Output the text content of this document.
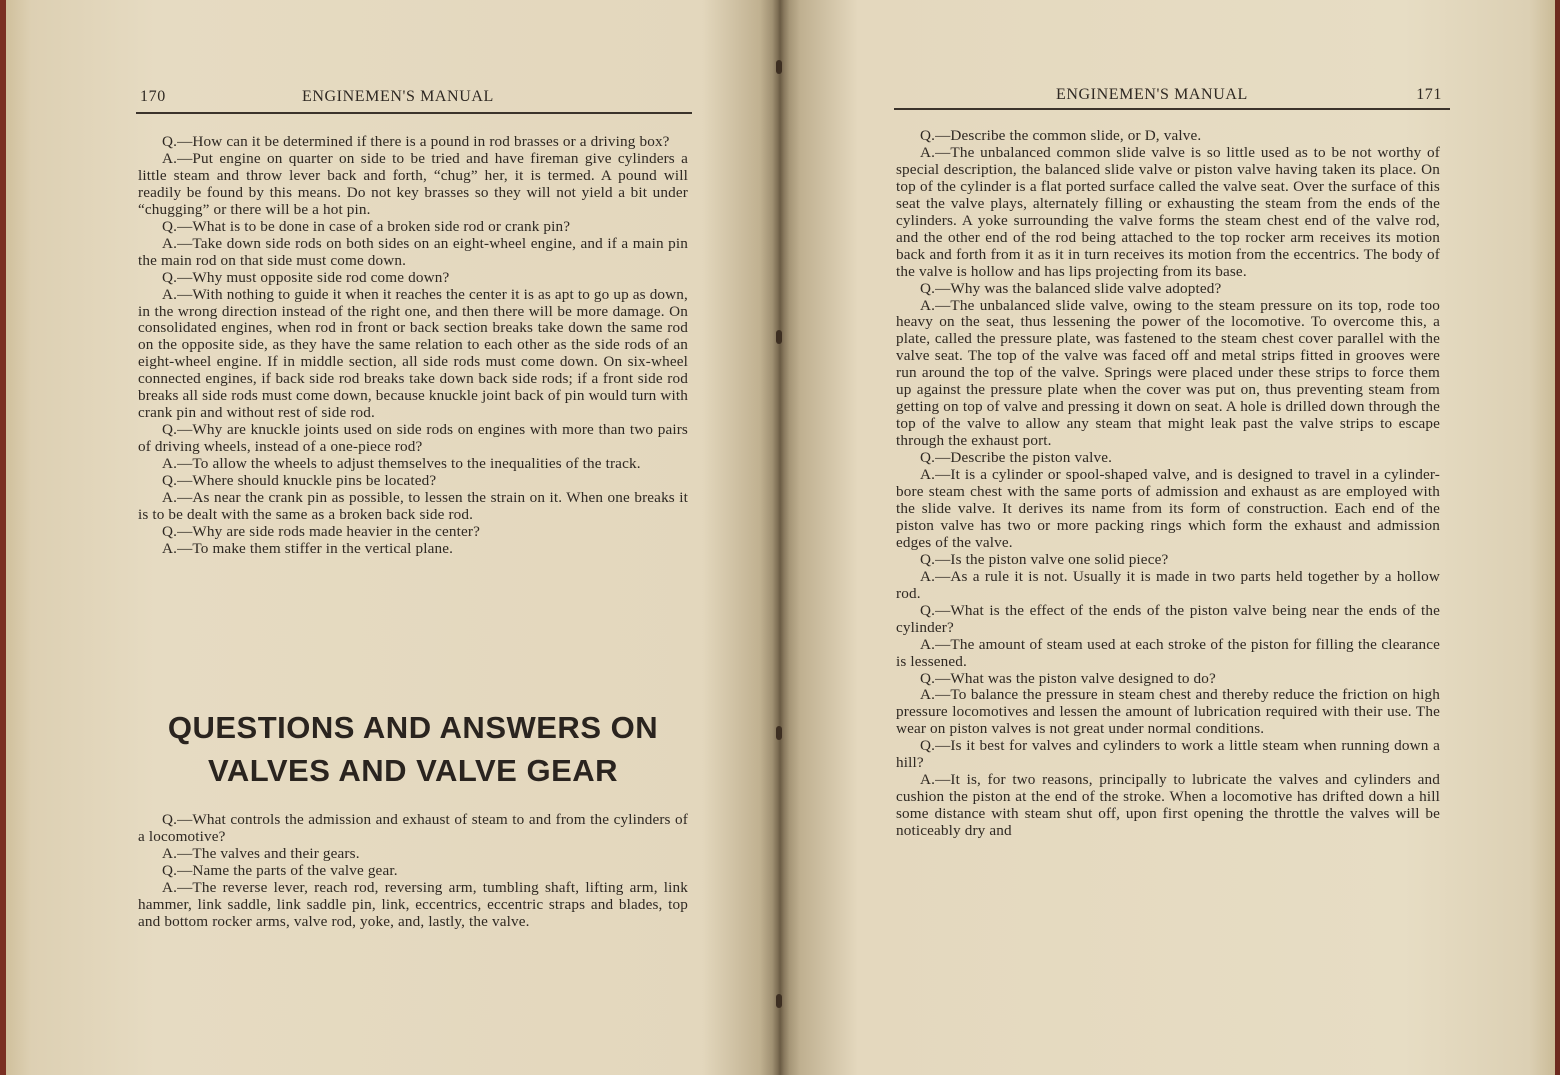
170	ENGINEMEN'S MANUAL

Q.—How can it be determined if there is a pound in rod brasses or a driving box?

A.—Put engine on quarter on side to be tried and have fireman give cylinders a little steam and throw lever back and forth, “chug” her, it is termed. A pound will readily be found by this means. Do not key brasses so they will not yield a bit under “chugging” or there will be a hot pin.

Q.—What is to be done in case of a broken side rod or crank pin?

A.—Take down side rods on both sides on an eight-wheel engine, and if a main pin the main rod on that side must come down.

Q.—Why must opposite side rod come down?

A.—With nothing to guide it when it reaches the center it is as apt to go up as down, in the wrong direction instead of the right one, and then there will be more damage. On consolidated engines, when rod in front or back section breaks take down the same rod on the opposite side, as they have the same relation to each other as the side rods of an eight-wheel engine. If in middle section, all side rods must come down. On six-wheel connected engines, if back side rod breaks take down back side rods; if a front side rod breaks all side rods must come down, because knuckle joint back of pin would turn with crank pin and without rest of side rod.

Q.—Why are knuckle joints used on side rods on engines with more than two pairs of driving wheels, instead of a one-piece rod?

A.—To allow the wheels to adjust themselves to the inequalities of the track.

Q.—Where should knuckle pins be located?

A.—As near the crank pin as possible, to lessen the strain on it. When one breaks it is to be dealt with the same as a broken back side rod.

Q.—Why are side rods made heavier in the center?

A.—To make them stiffer in the vertical plane.

QUESTIONS AND ANSWERS ON
VALVES AND VALVE GEAR

Q.—What controls the admission and exhaust of steam to and from the cylinders of a locomotive?

A.—The valves and their gears.

Q.—Name the parts of the valve gear.

A.—The reverse lever, reach rod, reversing arm, tumbling shaft, lifting arm, link hammer, link saddle, link saddle pin, link, eccentrics, eccentric straps and blades, top and bottom rocker arms, valve rod, yoke, and, lastly, the valve.

ENGINEMEN'S MANUAL	171

Q.—Describe the common slide, or D, valve.

A.—The unbalanced common slide valve is so little used as to be not worthy of special description, the balanced slide valve or piston valve having taken its place. On top of the cylinder is a flat ported surface called the valve seat. Over the surface of this seat the valve plays, alternately filling or exhausting the steam from the ends of the cylinders. A yoke surrounding the valve forms the steam chest end of the valve rod, and the other end of the rod being attached to the top rocker arm receives its motion back and forth from it as it in turn receives its motion from the eccentrics. The body of the valve is hollow and has lips projecting from its base.

Q.—Why was the balanced slide valve adopted?

A.—The unbalanced slide valve, owing to the steam pressure on its top, rode too heavy on the seat, thus lessening the power of the locomotive. To overcome this, a plate, called the pressure plate, was fastened to the steam chest cover parallel with the valve seat. The top of the valve was faced off and metal strips fitted in grooves were run around the top of the valve. Springs were placed under these strips to force them up against the pressure plate when the cover was put on, thus preventing steam from getting on top of valve and pressing it down on seat. A hole is drilled down through the top of the valve to allow any steam that might leak past the valve strips to escape through the exhaust port.

Q.—Describe the piston valve.

A.—It is a cylinder or spool-shaped valve, and is designed to travel in a cylinder-bore steam chest with the same ports of admission and exhaust as are employed with the slide valve. It derives its name from its form of construction. Each end of the piston valve has two or more packing rings which form the exhaust and admission edges of the valve.

Q.—Is the piston valve one solid piece?

A.—As a rule it is not. Usually it is made in two parts held together by a hollow rod.

Q.—What is the effect of the ends of the piston valve being near the ends of the cylinder?

A.—The amount of steam used at each stroke of the piston for filling the clearance is lessened.

Q.—What was the piston valve designed to do?

A.—To balance the pressure in steam chest and thereby reduce the friction on high pressure locomotives and lessen the amount of lubrication required with their use. The wear on piston valves is not great under normal conditions.

Q.—Is it best for valves and cylinders to work a little steam when running down a hill?

A.—It is, for two reasons, principally to lubricate the valves and cylinders and cushion the piston at the end of the stroke. When a locomotive has drifted down a hill some distance with steam shut off, upon first opening the throttle the valves will be noticeably dry and
